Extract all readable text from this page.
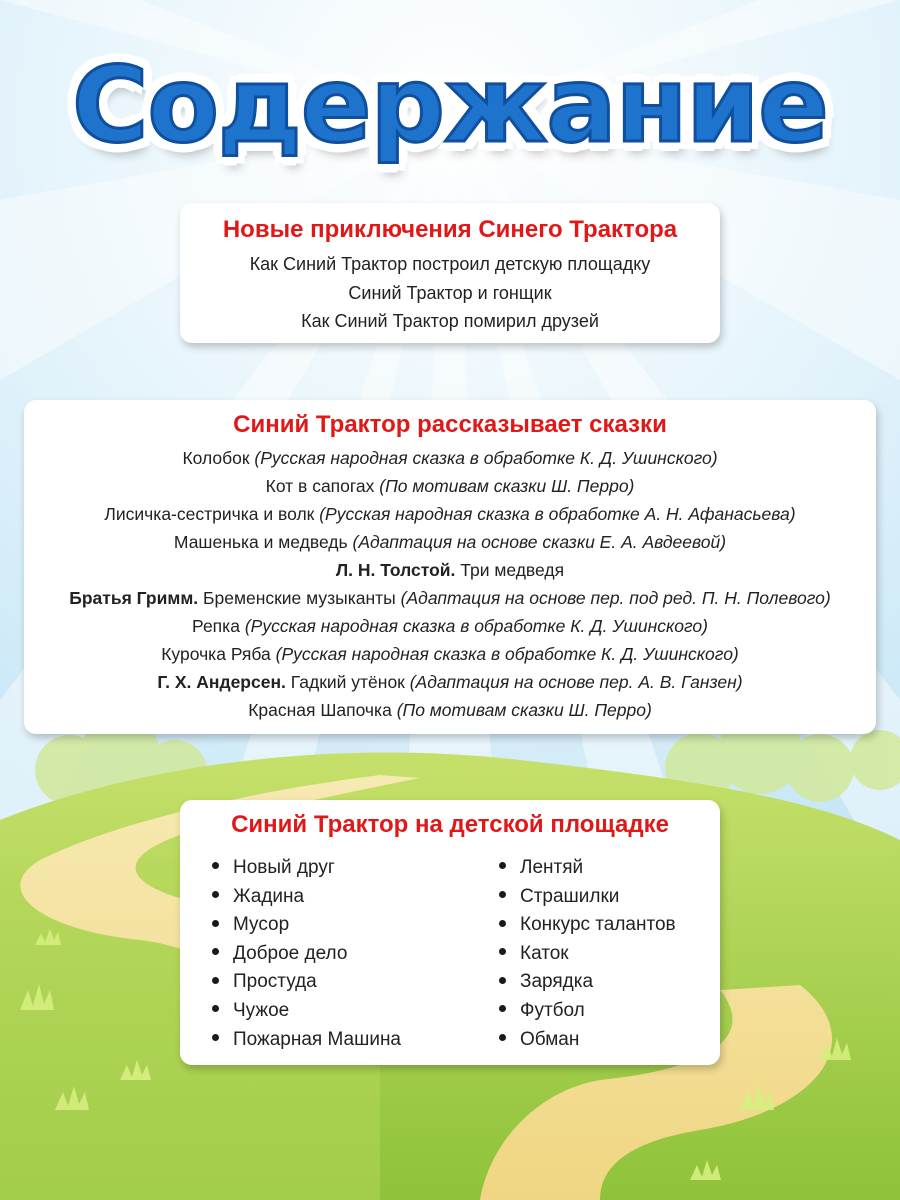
Содержание
Новые приключения Синего Трактора
Как Синий Трактор построил детскую площадку
Синий Трактор и гонщик
Как Синий Трактор помирил друзей
Синий Трактор рассказывает сказки
Колобок (Русская народная сказка в обработке К. Д. Ушинского)
Кот в сапогах (По мотивам сказки Ш. Перро)
Лисичка-сестричка и волк (Русская народная сказка в обработке А. Н. Афанасьева)
Машенька и медведь (Адаптация на основе сказки Е. А. Авдеевой)
Л. Н. Толстой. Три медведя
Братья Гримм. Бременские музыканты (Адаптация на основе пер. под ред. П. Н. Полевого)
Репка (Русская народная сказка в обработке К. Д. Ушинского)
Курочка Ряба (Русская народная сказка в обработке К. Д. Ушинского)
Г. Х. Андерсен. Гадкий утёнок (Адаптация на основе пер. А. В. Ганзен)
Красная Шапочка (По мотивам сказки Ш. Перро)
Синий Трактор на детской площадке
Новый друг
Жадина
Мусор
Доброе дело
Простуда
Чужое
Пожарная Машина
Лентяй
Страшилки
Конкурс талантов
Каток
Зарядка
Футбол
Обман
